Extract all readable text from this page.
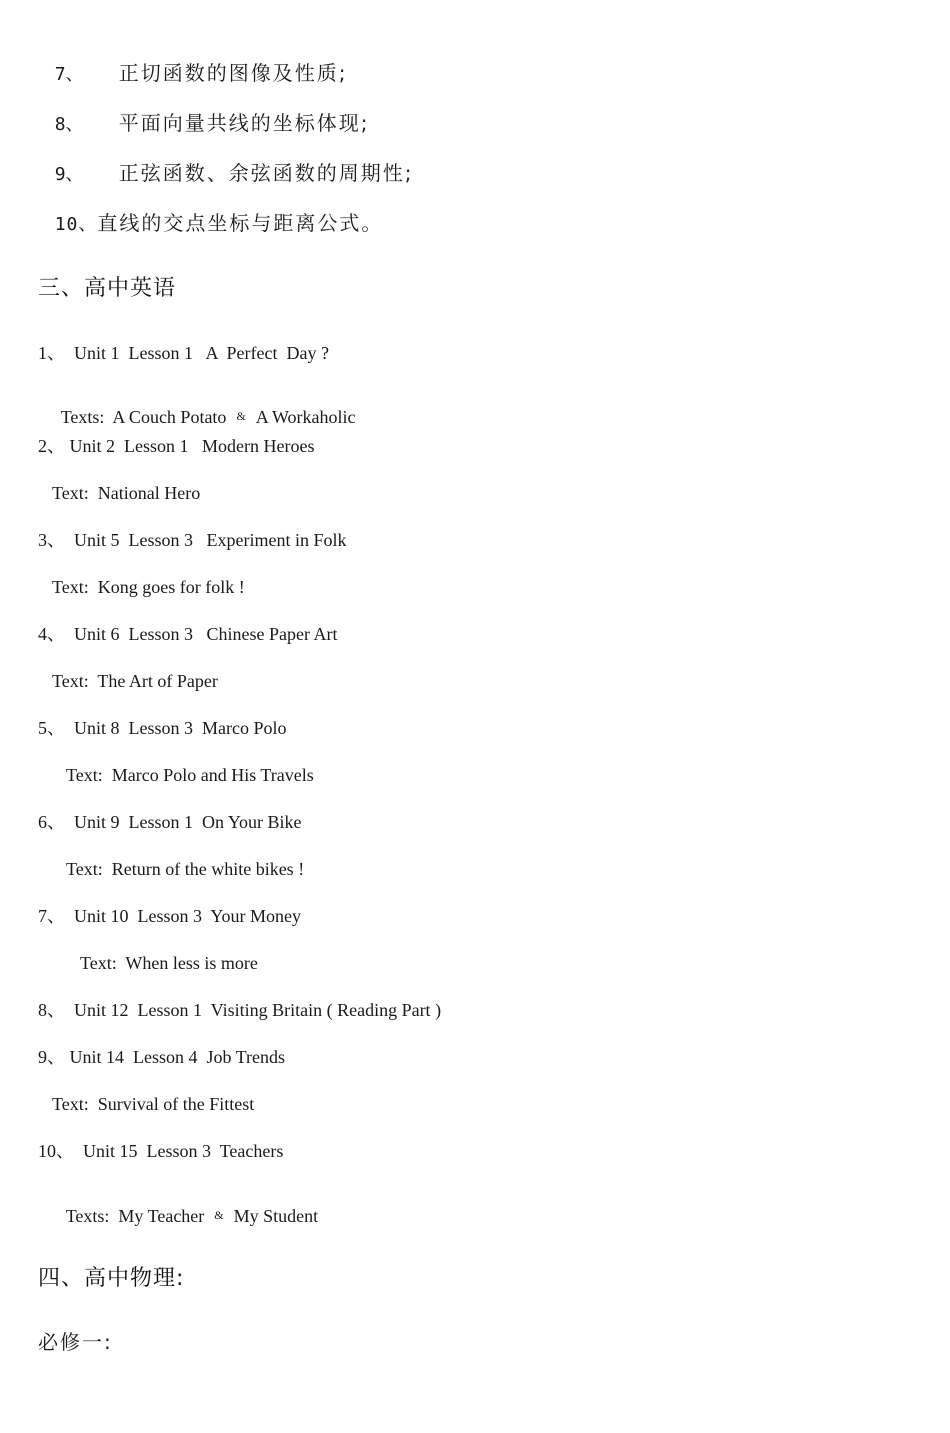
7、 正切函数的图像及性质;

8、 平面向量共线的坐标体现;

9、 正弦函数、余弦函数的周期性;

10、直线的交点坐标与距离公式。

三、高中英语
1、  Unit 1  Lesson 1   A  Perfect  Day ?

Texts:  A Couch Potato & A Workaholic

2、 Unit 2  Lesson 1   Modern Heroes
Text:  National Hero
3、  Unit 5  Lesson 3   Experiment in Folk
Text:  Kong goes for folk !
4、  Unit 6  Lesson 3   Chinese Paper Art
Text:  The Art of Paper
5、  Unit 8  Lesson 3  Marco Polo
Text:  Marco Polo and His Travels
6、  Unit 9  Lesson 1  On Your Bike
Text:  Return of the white bikes !
7、  Unit 10  Lesson 3  Your Money
Text:  When less is more
8、  Unit 12  Lesson 1  Visiting Britain ( Reading Part )
9、 Unit 14  Lesson 4  Job Trends
Text:  Survival of the Fittest
10、  Unit 15  Lesson 3  Teachers

Texts:  My Teacher & My Student

四、高中物理:
必修一:
